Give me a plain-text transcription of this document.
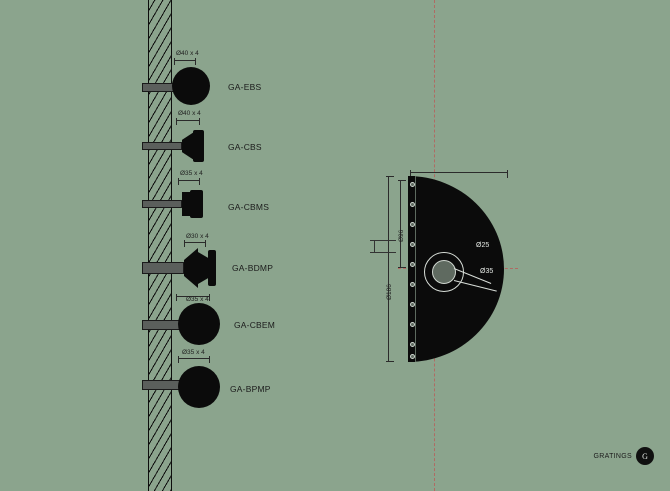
Ø40 x 4
GA-EBS
Ø40 x 4
GA-CBS
Ø35 x 4
GA-CBMS
Ø30 x 4
GA-BDMP
Ø35 x 4
GA-CBEM
Ø35 x 4
GA-BPMP
Ø186
Ø96
Ø25
Ø35
GRATINGS	G
